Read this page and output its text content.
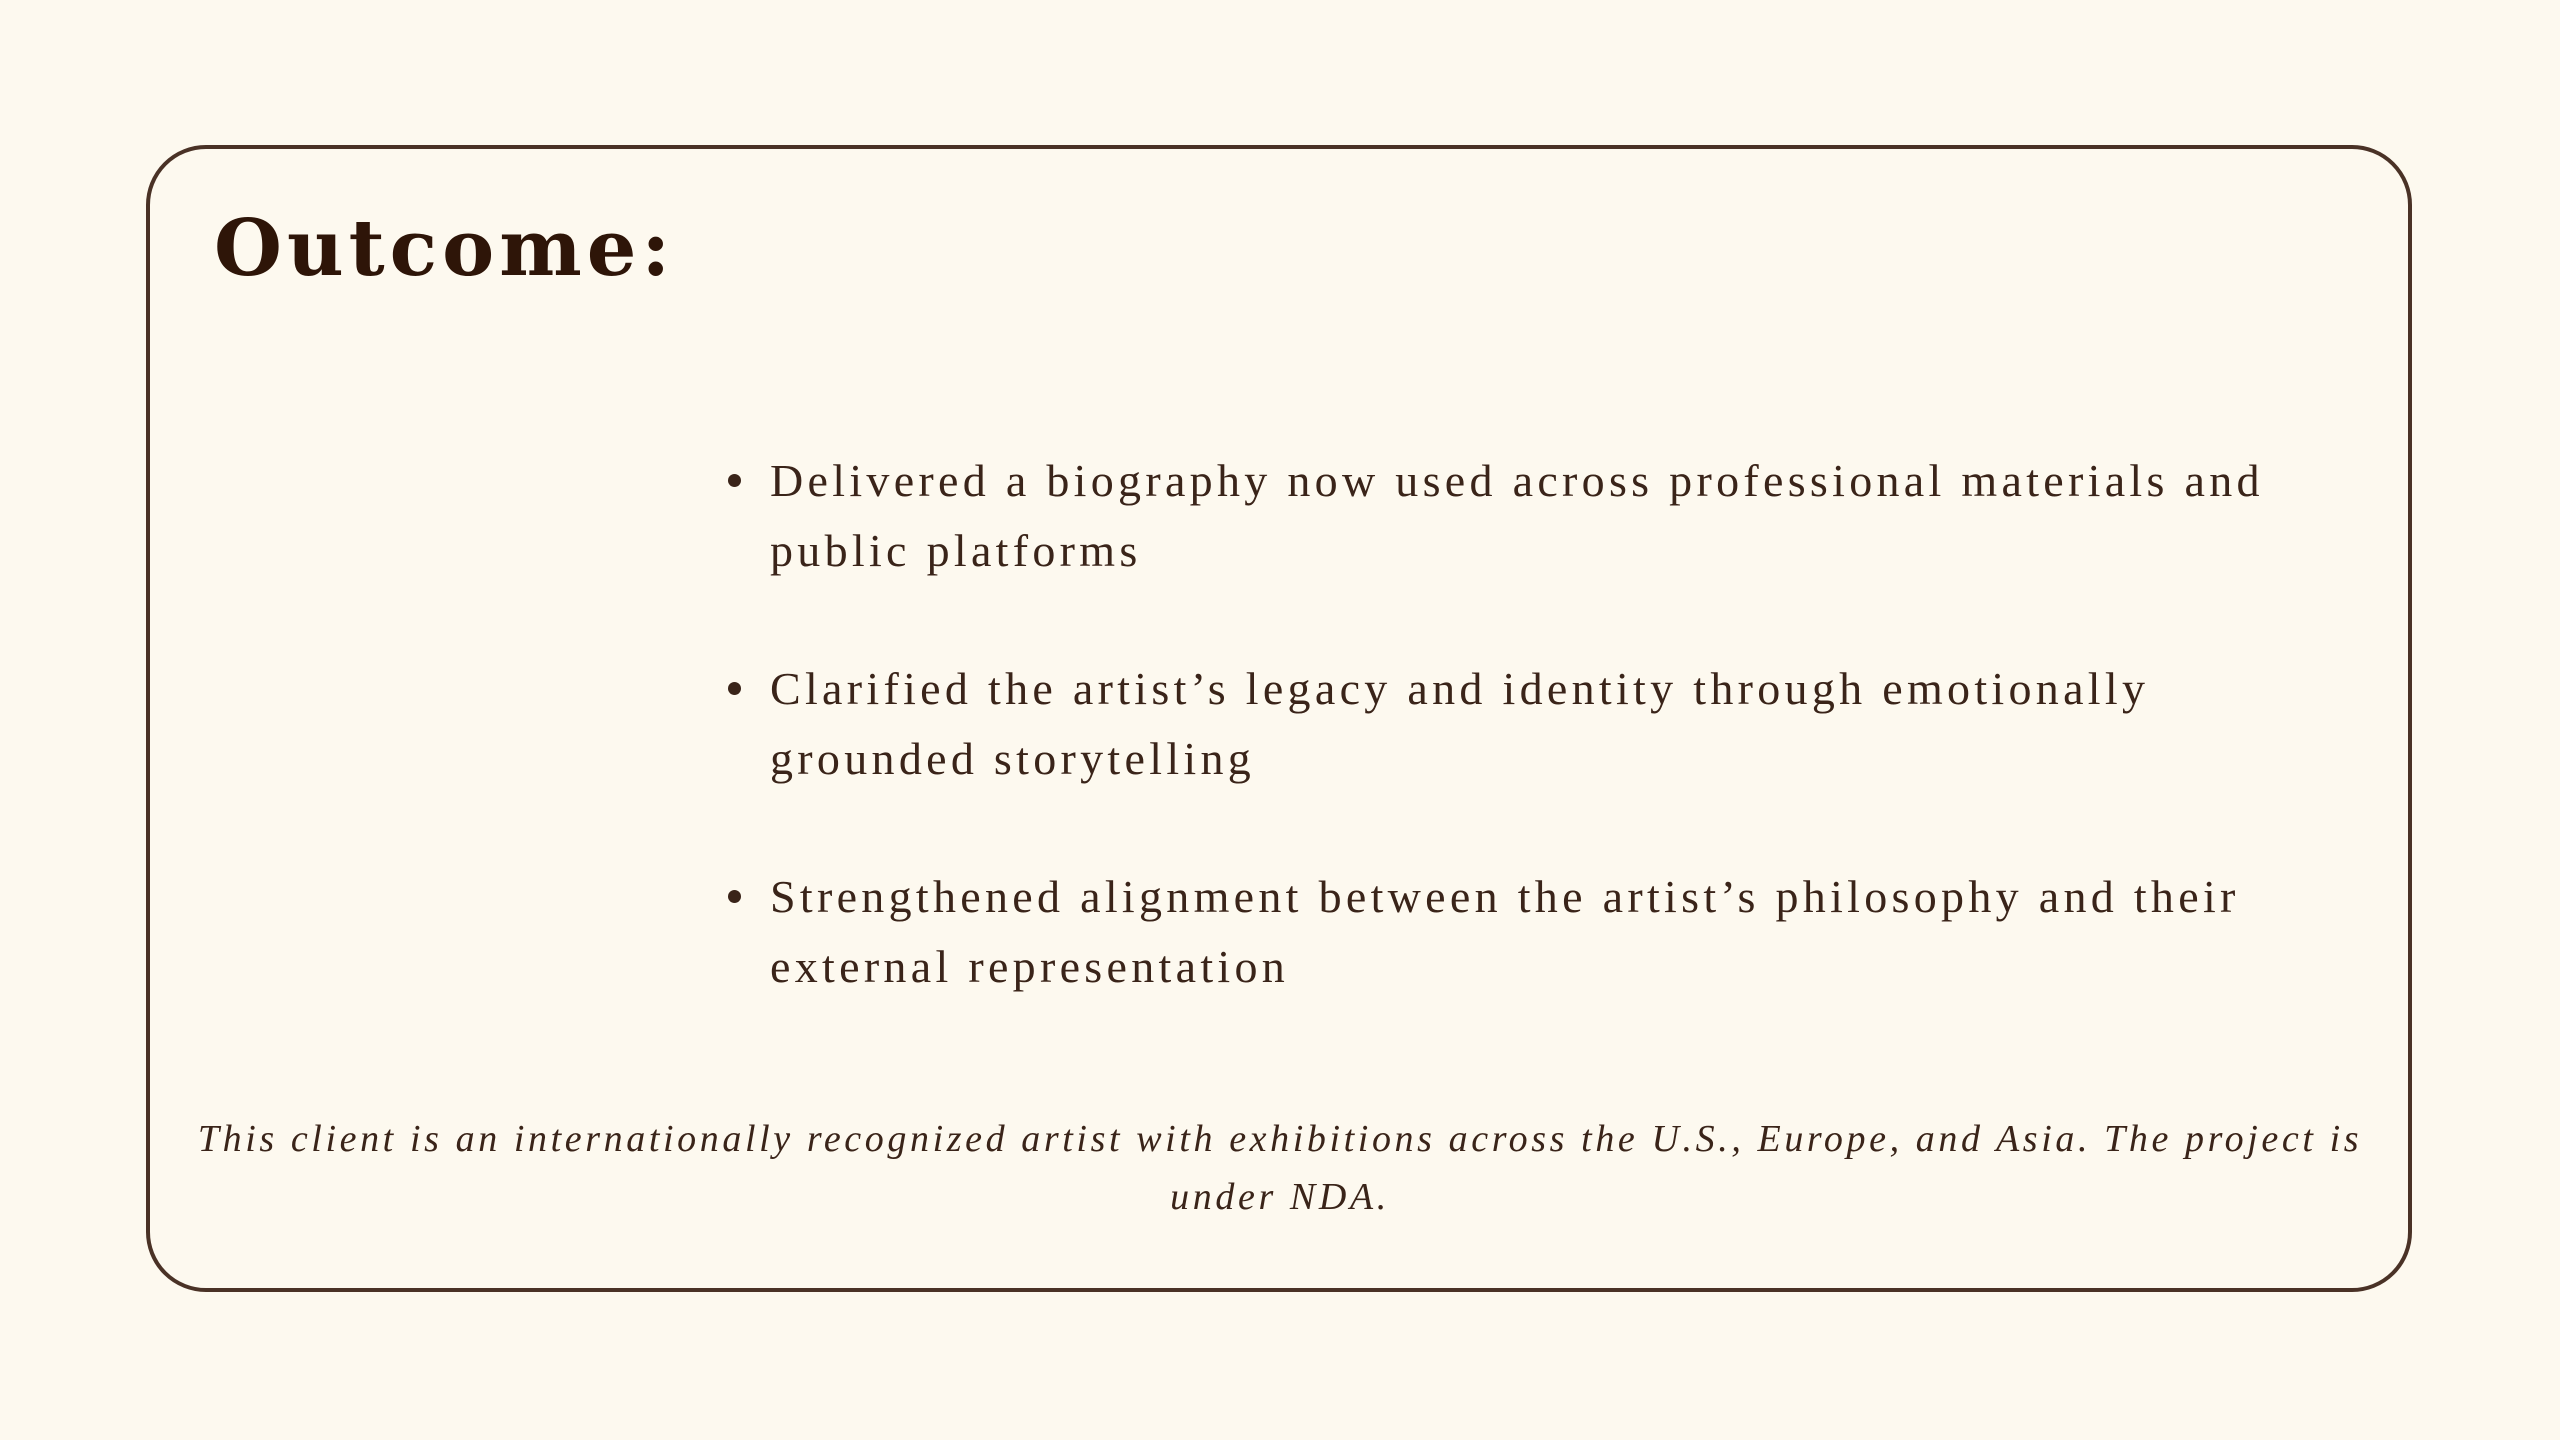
Outcome:
Delivered a biography now used across professional materials and public platforms
Clarified the artist’s legacy and identity through emotionally grounded storytelling
Strengthened alignment between the artist’s philosophy and their external representation

This client is an internationally recognized artist with exhibitions across the U.S., Europe, and Asia. The project is under NDA.
